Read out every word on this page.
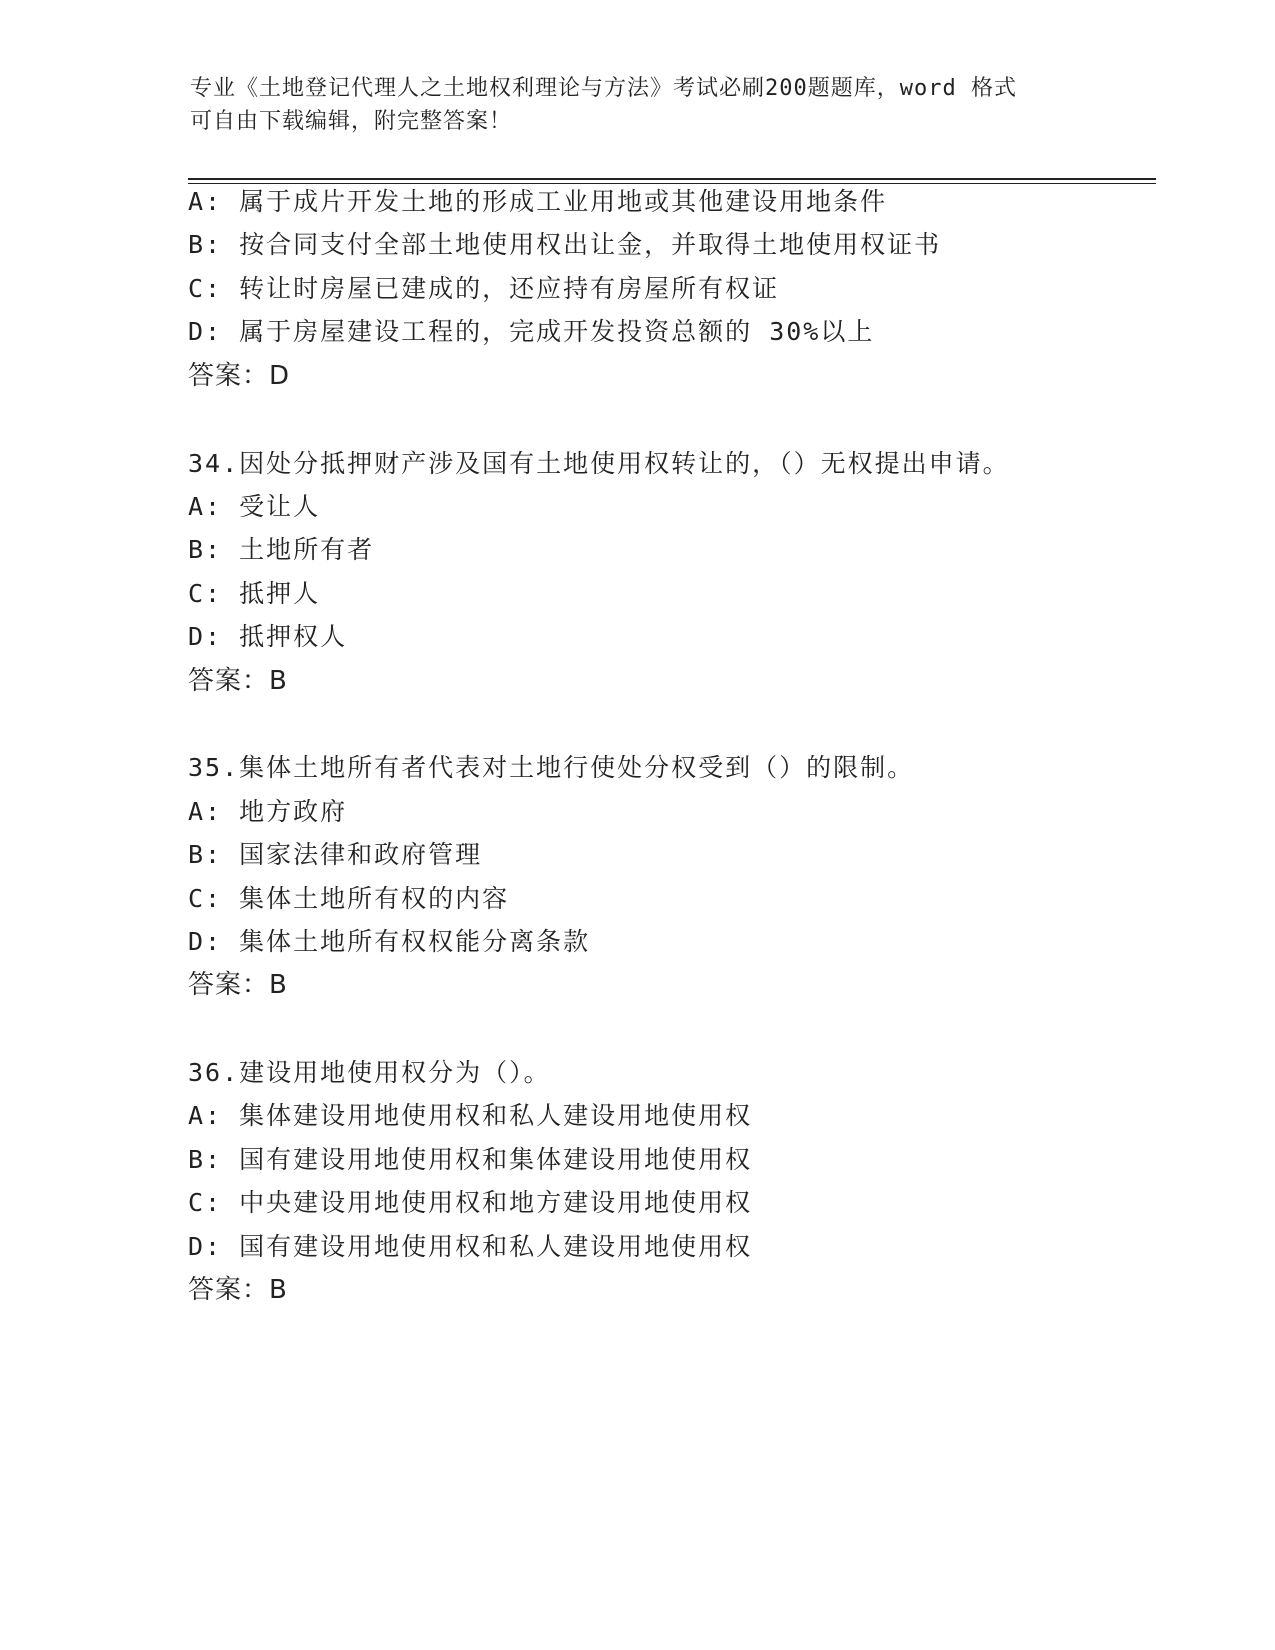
专业《土地登记代理人之土地权利理论与方法》考试必刷200题题库，word 格式
可自由下载编辑，附完整答案！
A: 属于成片开发土地的形成工业用地或其他建设用地条件
B: 按合同支付全部土地使用权出让金，并取得土地使用权证书
C: 转让时房屋已建成的，还应持有房屋所有权证
D: 属于房屋建设工程的，完成开发投资总额的 30%以上
答案：D
34.因处分抵押财产涉及国有土地使用权转让的，（）无权提出申请。
A: 受让人
B: 土地所有者
C: 抵押人
D: 抵押权人
答案：B
35.集体土地所有者代表对土地行使处分权受到（）的限制。
A: 地方政府
B: 国家法律和政府管理
C: 集体土地所有权的内容
D: 集体土地所有权权能分离条款
答案：B
36.建设用地使用权分为（）。
A: 集体建设用地使用权和私人建设用地使用权
B: 国有建设用地使用权和集体建设用地使用权
C: 中央建设用地使用权和地方建设用地使用权
D: 国有建设用地使用权和私人建设用地使用权
答案：B
